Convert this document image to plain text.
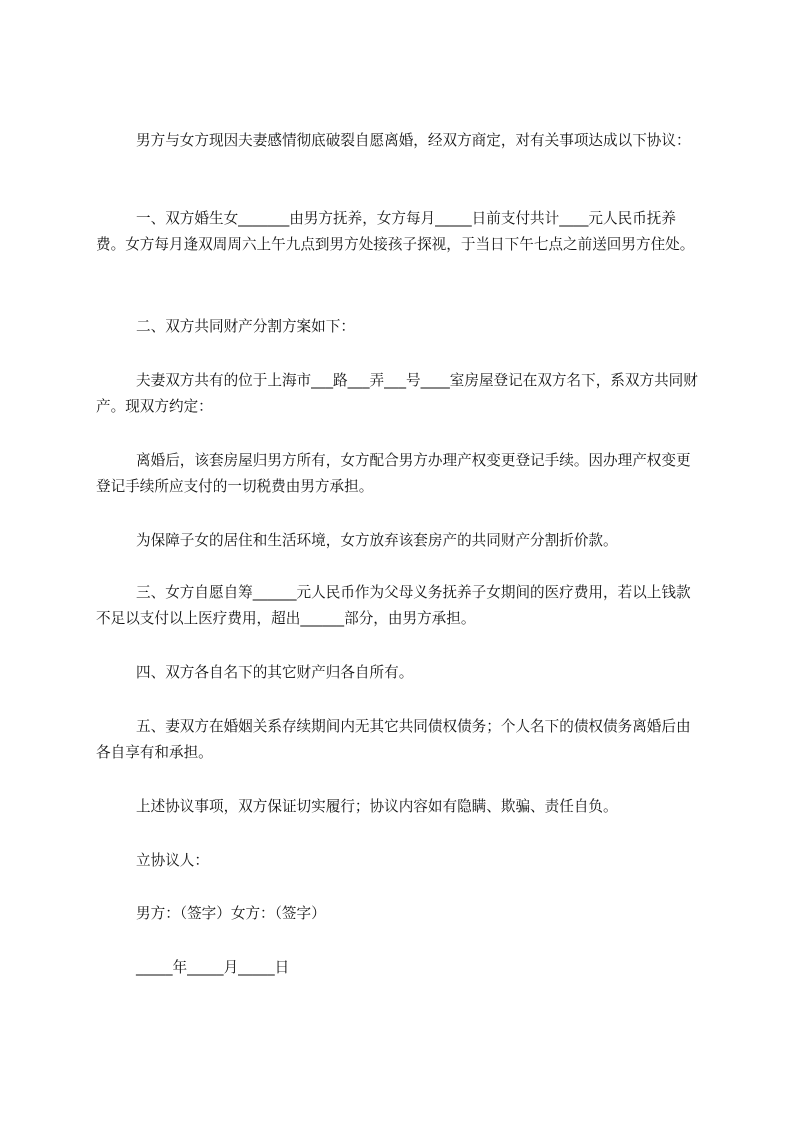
男方与女方现因夫妻感情彻底破裂自愿离婚，经双方商定，对有关事项达成以下协议：

一、双方婚生女_______由男方抚养，女方每月_____日前支付共计____元人民币抚养费。女方每月逢双周周六上午九点到男方处接孩子探视，于当日下午七点之前送回男方住处。

二、双方共同财产分割方案如下：

夫妻双方共有的位于上海市___路___弄___号____室房屋登记在双方名下，系双方共同财产。现双方约定：

离婚后，该套房屋归男方所有，女方配合男方办理产权变更登记手续。因办理产权变更登记手续所应支付的一切税费由男方承担。

为保障子女的居住和生活环境，女方放弃该套房产的共同财产分割折价款。

三、女方自愿自筹______元人民币作为父母义务抚养子女期间的医疗费用，若以上钱款不足以支付以上医疗费用，超出______部分，由男方承担。

四、双方各自名下的其它财产归各自所有。

五、妻双方在婚姻关系存续期间内无其它共同债权债务；个人名下的债权债务离婚后由各自享有和承担。

上述协议事项，双方保证切实履行；协议内容如有隐瞒、欺骗、责任自负。

立协议人：

男方：（签字）女方：（签字）

_____年_____月_____日
